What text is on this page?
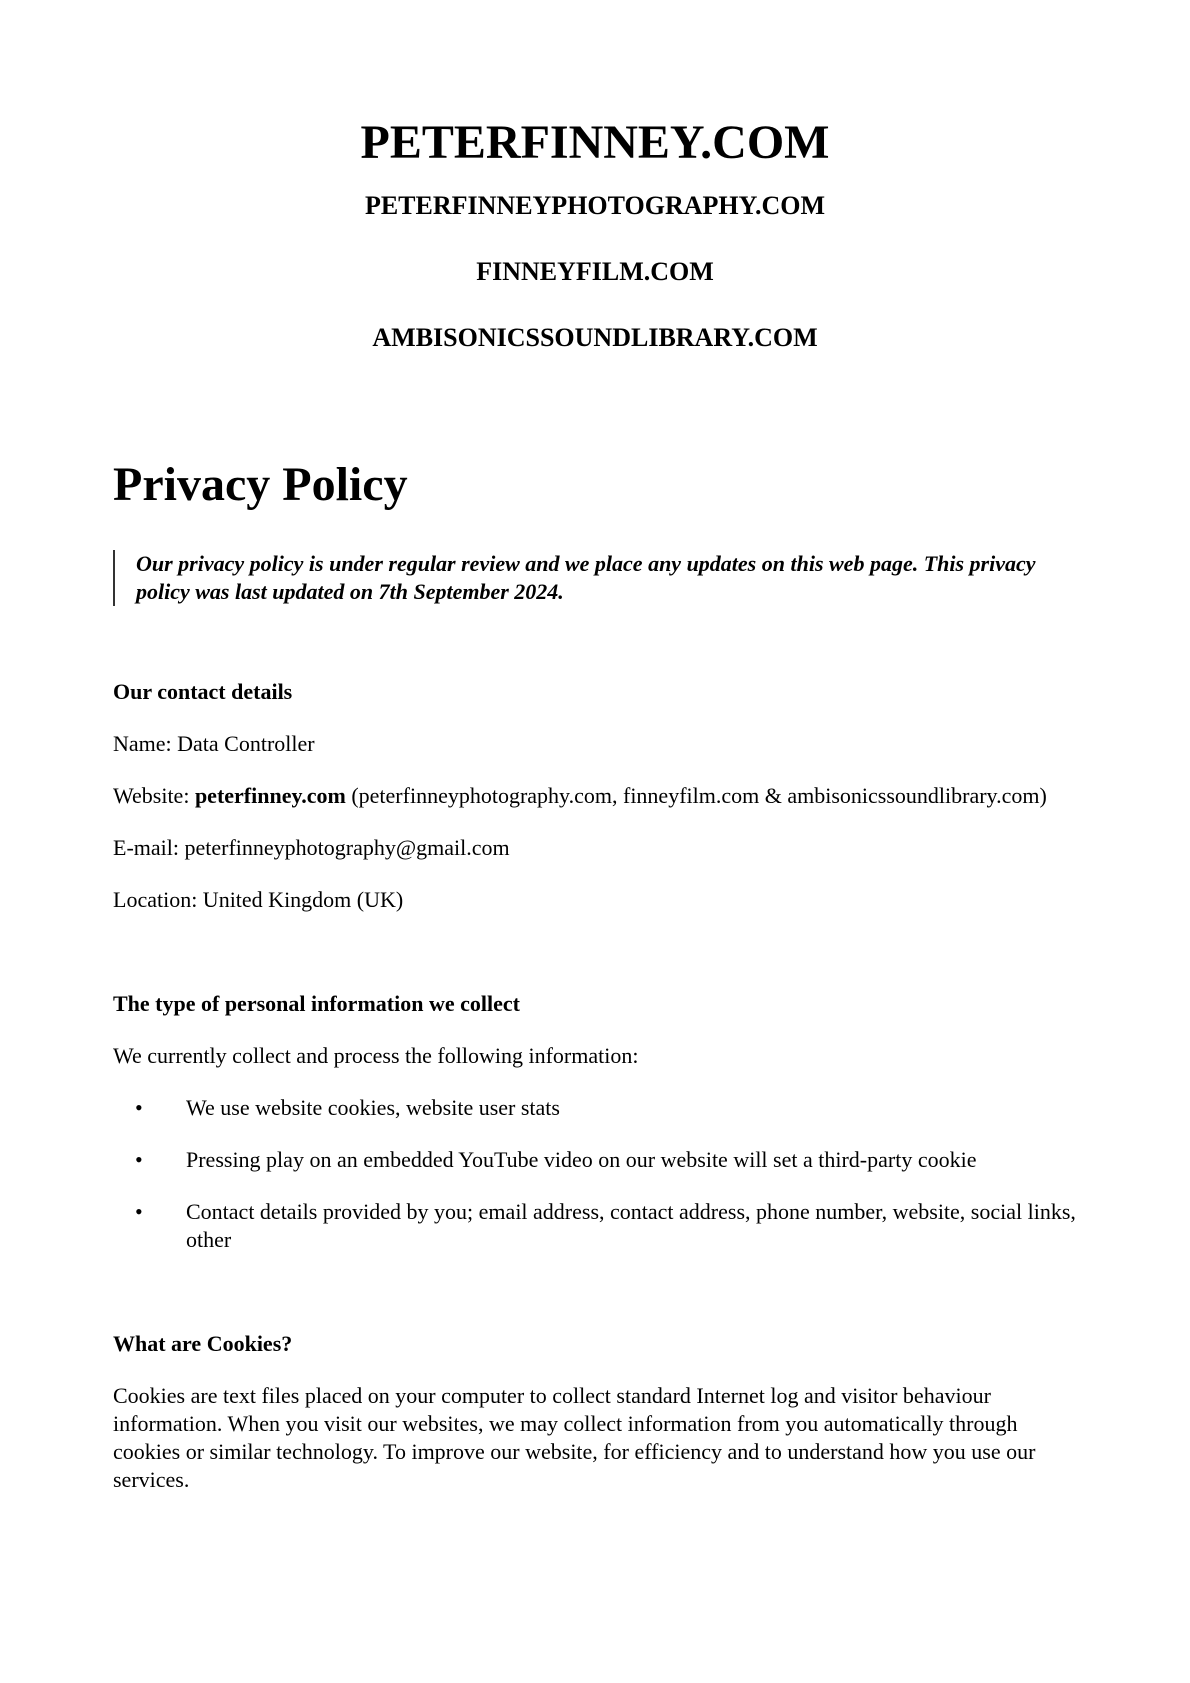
PETERFINNEY.COM
PETERFINNEYPHOTOGRAPHY.COM
FINNEYFILM.COM
AMBISONICSSOUNDLIBRARY.COM
Privacy Policy
Our privacy policy is under regular review and we place any updates on this web page. This privacy policy was last updated on 7th September 2024.
Our contact details

Name: Data Controller

Website: peterfinney.com (peterfinneyphotography.com, finneyfilm.com & ambisonicssoundlibrary.com)

E-mail: peterfinneyphotography@gmail.com

Location: United Kingdom (UK)

The type of personal information we collect

We currently collect and process the following information:

• We use website cookies, website user stats
• Pressing play on an embedded YouTube video on our website will set a third-party cookie
• Contact details provided by you; email address, contact address, phone number, website, social links, other
What are Cookies?

Cookies are text files placed on your computer to collect standard Internet log and visitor behaviour information. When you visit our websites, we may collect information from you automatically through cookies or similar technology. To improve our website, for efficiency and to understand how you use our services.
